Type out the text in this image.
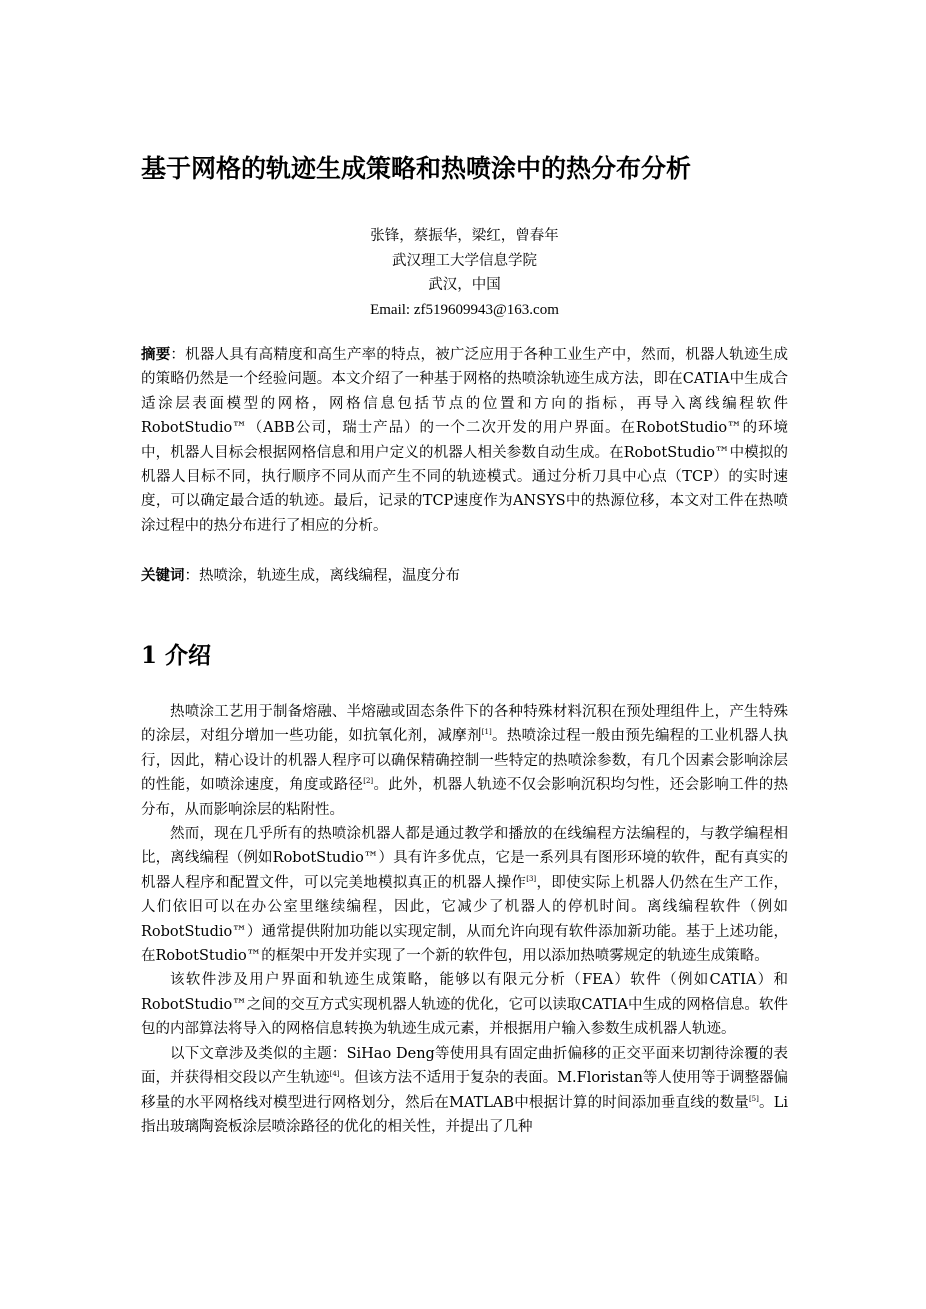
基于网格的轨迹生成策略和热喷涂中的热分布分析
张锋，蔡振华，梁红，曾春年
武汉理工大学信息学院
武汉，中国
Email: zf519609943@163.com

摘要：机器人具有高精度和高生产率的特点，被广泛应用于各种工业生产中，然而，机器人轨迹生成的策略仍然是一个经验问题。本文介绍了一种基于网格的热喷涂轨迹生成方法，即在CATIA中生成合适涂层表面模型的网格，网格信息包括节点的位置和方向的指标，再导入离线编程软件RobotStudio™（ABB公司，瑞士产品）的一个二次开发的用户界面。在RobotStudio™的环境中，机器人目标会根据网格信息和用户定义的机器人相关参数自动生成。在RobotStudio™中模拟的机器人目标不同，执行顺序不同从而产生不同的轨迹模式。通过分析刀具中心点（TCP）的实时速度，可以确定最合适的轨迹。最后，记录的TCP速度作为ANSYS中的热源位移，本文对工件在热喷涂过程中的热分布进行了相应的分析。

关键词：热喷涂，轨迹生成，离线编程，温度分布

1 介绍

热喷涂工艺用于制备熔融、半熔融或固态条件下的各种特殊材料沉积在预处理组件上，产生特殊的涂层，对组分增加一些功能，如抗氧化剂，减摩剂[1]。热喷涂过程一般由预先编程的工业机器人执行，因此，精心设计的机器人程序可以确保精确控制一些特定的热喷涂参数，有几个因素会影响涂层的性能，如喷涂速度，角度或路径[2]。此外，机器人轨迹不仅会影响沉积均匀性，还会影响工件的热分布，从而影响涂层的粘附性。

然而，现在几乎所有的热喷涂机器人都是通过教学和播放的在线编程方法编程的，与教学编程相比，离线编程（例如RobotStudio™）具有许多优点，它是一系列具有图形环境的软件，配有真实的机器人程序和配置文件，可以完美地模拟真正的机器人操作[3]，即使实际上机器人仍然在生产工作，人们依旧可以在办公室里继续编程，因此，它减少了机器人的停机时间。离线编程软件（例如RobotStudio™）通常提供附加功能以实现定制，从而允许向现有软件添加新功能。基于上述功能，在RobotStudio™的框架中开发并实现了一个新的软件包，用以添加热喷雾规定的轨迹生成策略。

该软件涉及用户界面和轨迹生成策略，能够以有限元分析（FEA）软件（例如CATIA）和RobotStudio™之间的交互方式实现机器人轨迹的优化，它可以读取CATIA中生成的网格信息。软件包的内部算法将导入的网格信息转换为轨迹生成元素，并根据用户输入参数生成机器人轨迹。

以下文章涉及类似的主题：SiHao Deng等使用具有固定曲折偏移的正交平面来切割待涂覆的表面，并获得相交段以产生轨迹[4]。但该方法不适用于复杂的表面。M.Floristan等人使用等于调整器偏移量的水平网格线对模型进行网格划分，然后在MATLAB中根据计算的时间添加垂直线的数量[5]。Li指出玻璃陶瓷板涂层喷涂路径的优化的相关性，并提出了几种
